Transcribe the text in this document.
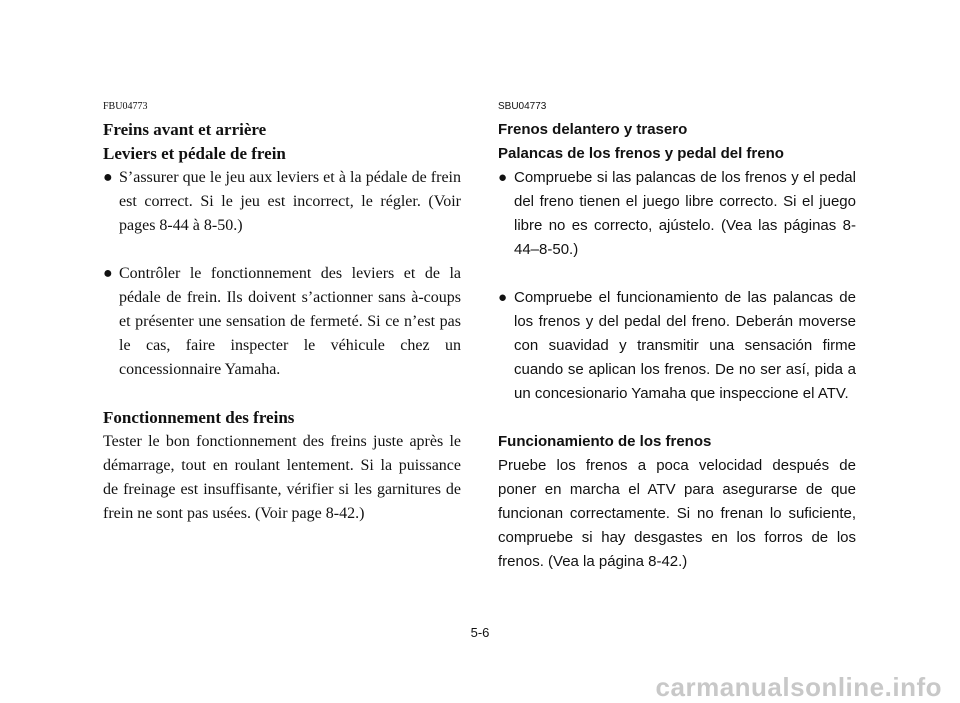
FBU04773

Freins avant et arrière

Leviers et pédale de frein

● S’assurer que le jeu aux leviers et à la pédale de frein est correct. Si le jeu est incorrect, le régler. (Voir pages 8-44 à 8-50.)

● Contrôler le fonctionnement des leviers et de la pédale de frein. Ils doivent s’actionner sans à-coups et présenter une sensation de fermeté. Si ce n’est pas le cas, faire inspecter le véhicule chez un concessionnaire Yamaha.

Fonctionnement des freins

Tester le bon fonctionnement des freins juste après le démarrage, tout en roulant lentement. Si la puissance de freinage est insuffisante, vérifier si les garnitures de frein ne sont pas usées. (Voir page 8-42.)

SBU04773

Frenos delantero y trasero

Palancas de los frenos y pedal del freno

● Compruebe si las palancas de los frenos y el pedal del freno tienen el juego libre correcto. Si el juego libre no es correcto, ajústelo. (Vea las páginas 8-44–8-50.)

● Compruebe el funcionamiento de las palancas de los frenos y del pedal del freno. Deberán moverse con suavidad y transmitir una sensación firme cuando se aplican los frenos. De no ser así, pida a un concesionario Yamaha que inspeccione el ATV.

Funcionamiento de los frenos

Pruebe los frenos a poca velocidad después de poner en marcha el ATV para asegurarse de que funcionan correctamente. Si no frenan lo suficiente, compruebe si hay desgastes en los forros de los frenos. (Vea la página 8-42.)

5-6
carmanualsonline.info
